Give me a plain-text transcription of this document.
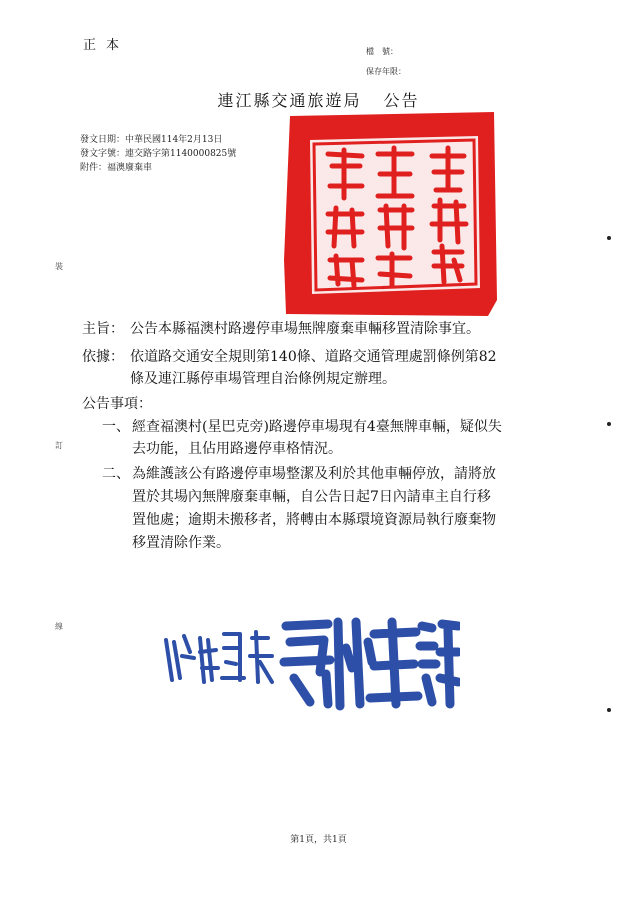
正本	檔　號：
保存年限：
連江縣交通旅遊局 公告
發文日期：中華民國114年2月13日
發文字號：連交路字第1140000825號
附件：福澳廢棄車
裝
訂
線
主旨： 公告本縣福澳村路邊停車場無牌廢棄車輛移置清除事宜。
依據： 依道路交通安全規則第140條、道路交通管理處罰條例第82
條及連江縣停車場管理自治條例規定辦理。
公告事項：
一、 經查福澳村(星巴克旁)路邊停車場現有4臺無牌車輛，疑似失
去功能，且佔用路邊停車格情況。
二、 為維護該公有路邊停車場整潔及利於其他車輛停放，請將放
置於其場內無牌廢棄車輛，自公告日起7日內請車主自行移
置他處；逾期未搬移者，將轉由本縣環境資源局執行廢棄物
移置清除作業。
第1頁，共1頁
